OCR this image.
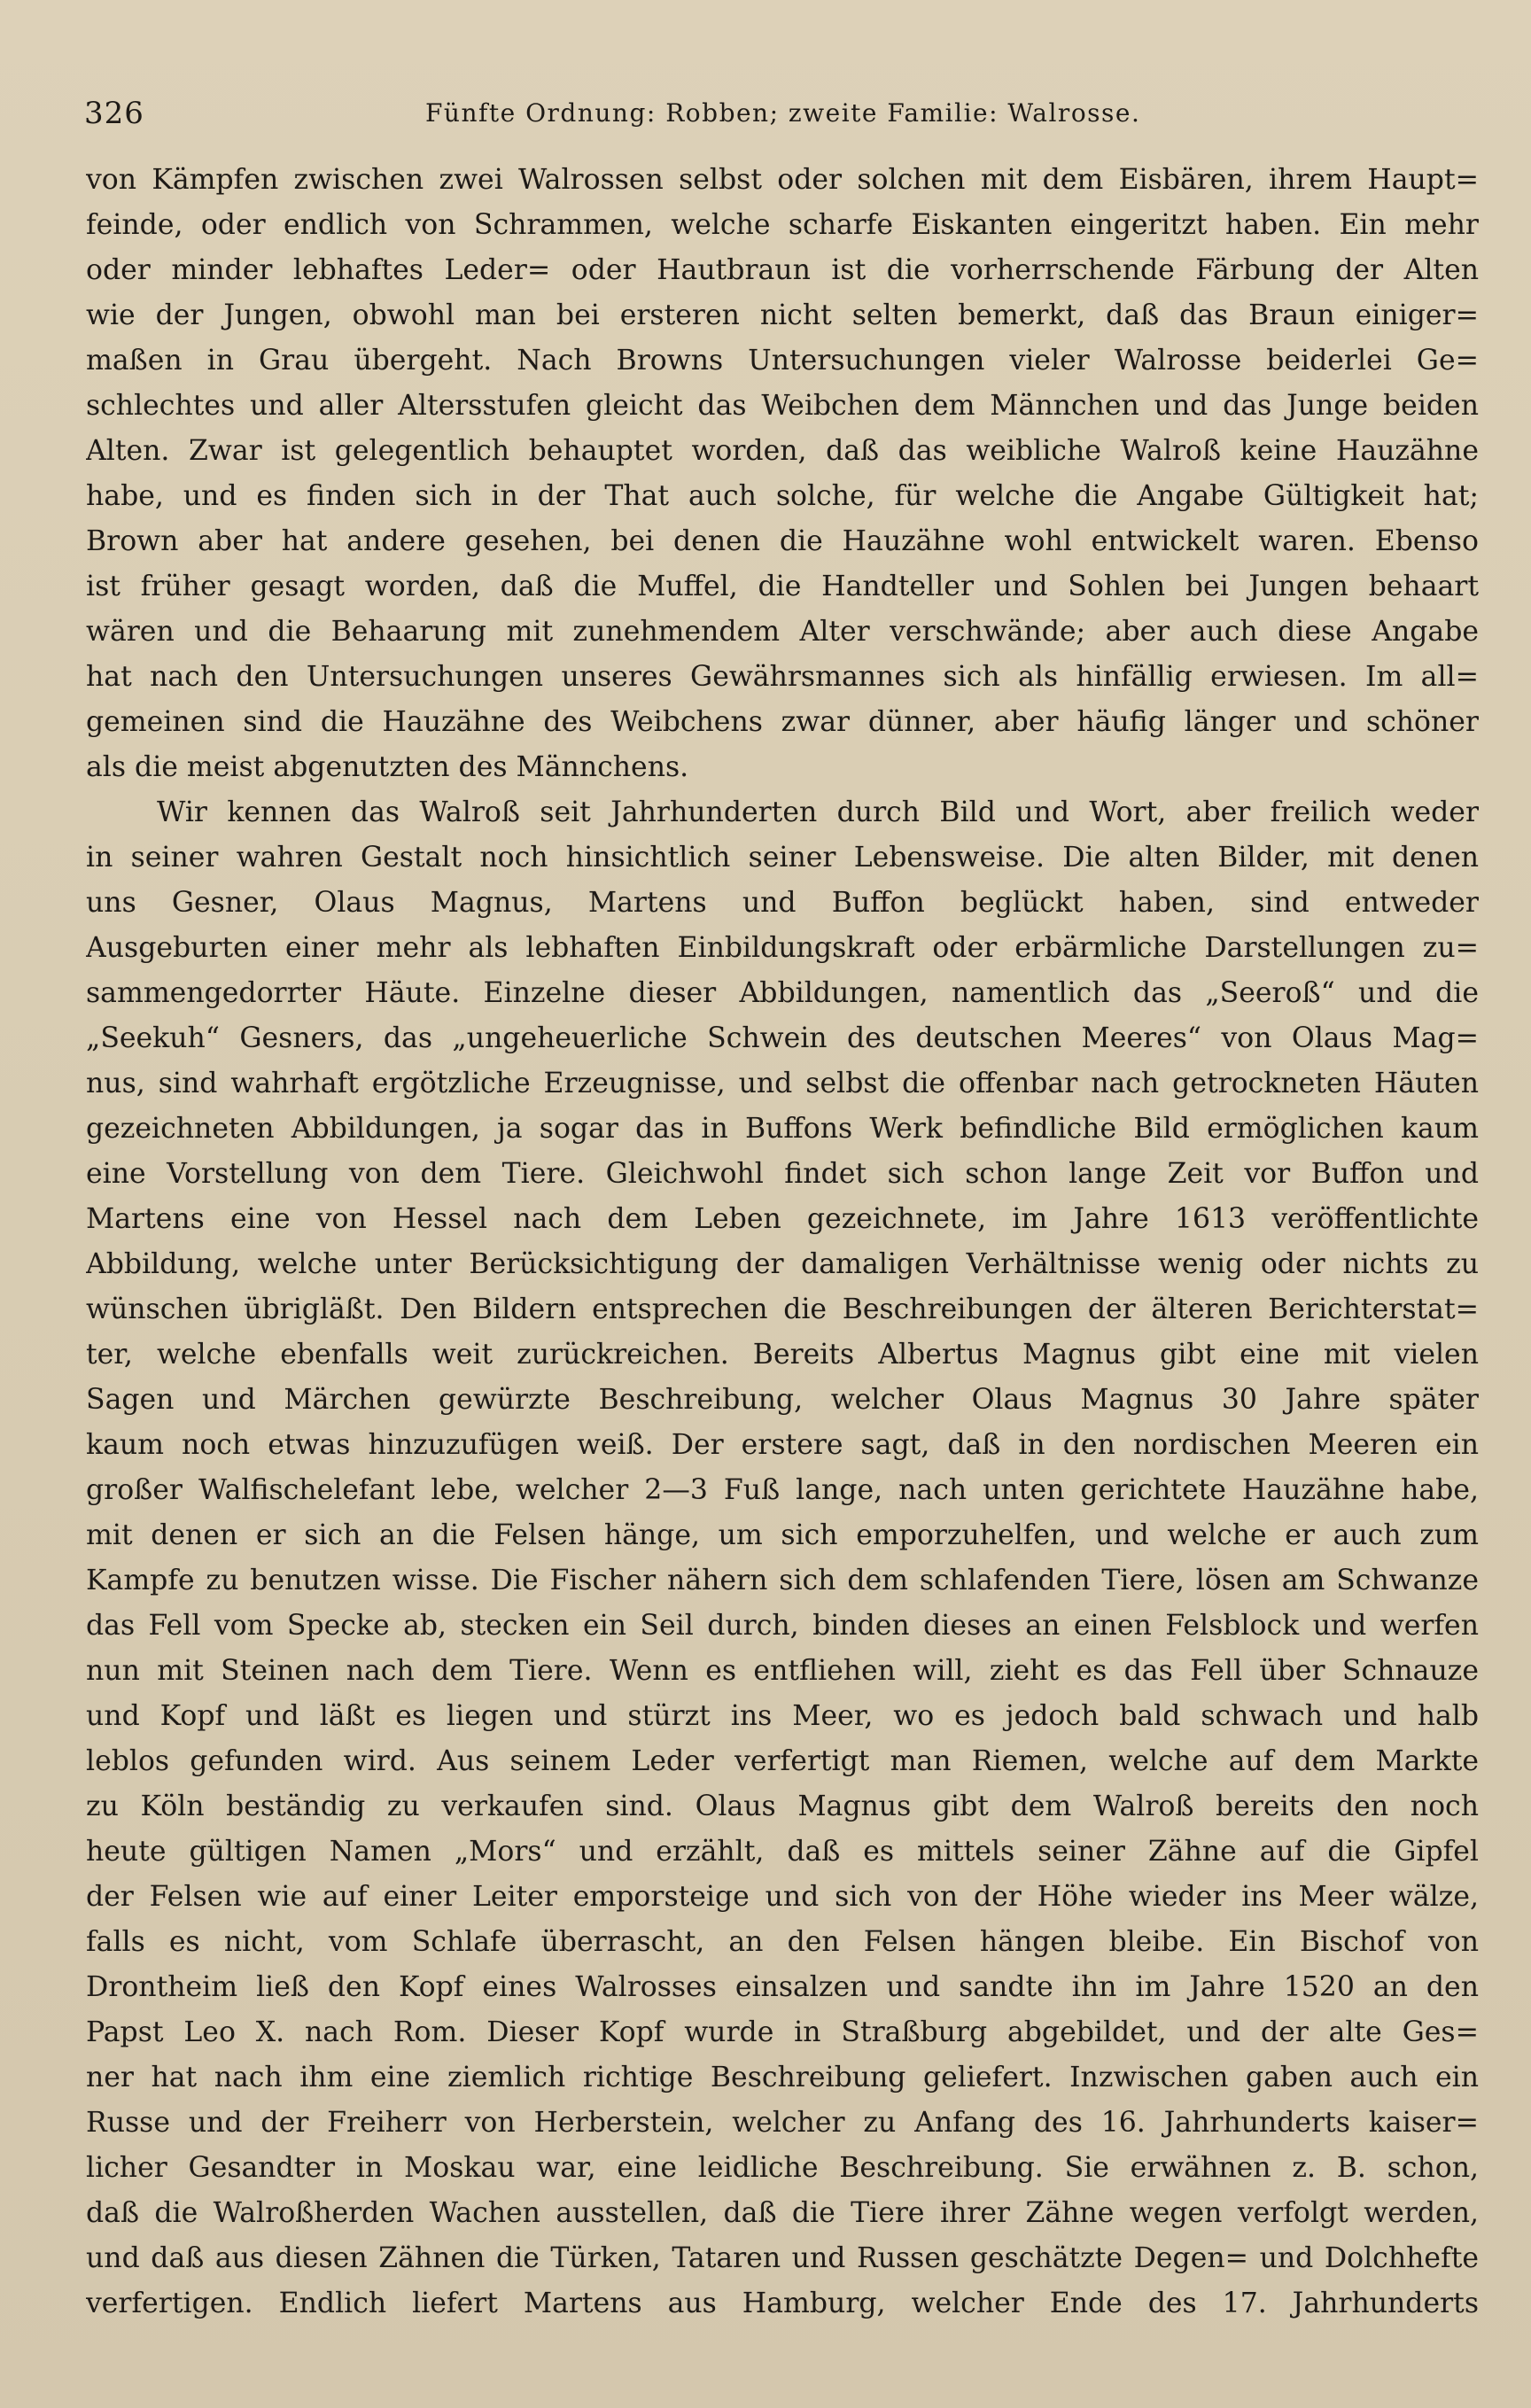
326	Fünfte Ordnung: Robben; zweite Familie: Walrosse.
von Kämpfen zwischen zwei Walrossen selbst oder solchen mit dem Eisbären, ihrem Haupt=
feinde, oder endlich von Schrammen, welche scharfe Eiskanten eingeritzt haben. Ein mehr
oder minder lebhaftes Leder= oder Hautbraun ist die vorherrschende Färbung der Alten
wie der Jungen, obwohl man bei ersteren nicht selten bemerkt, daß das Braun einiger=
maßen in Grau übergeht. Nach Browns Untersuchungen vieler Walrosse beiderlei Ge=
schlechtes und aller Altersstufen gleicht das Weibchen dem Männchen und das Junge beiden
Alten. Zwar ist gelegentlich behauptet worden, daß das weibliche Walroß keine Hauzähne
habe, und es finden sich in der That auch solche, für welche die Angabe Gültigkeit hat;
Brown aber hat andere gesehen, bei denen die Hauzähne wohl entwickelt waren. Ebenso
ist früher gesagt worden, daß die Muffel, die Handteller und Sohlen bei Jungen behaart
wären und die Behaarung mit zunehmendem Alter verschwände; aber auch diese Angabe
hat nach den Untersuchungen unseres Gewährsmannes sich als hinfällig erwiesen. Im all=
gemeinen sind die Hauzähne des Weibchens zwar dünner, aber häufig länger und schöner
als die meist abgenutzten des Männchens.
Wir kennen das Walroß seit Jahrhunderten durch Bild und Wort, aber freilich weder
in seiner wahren Gestalt noch hinsichtlich seiner Lebensweise. Die alten Bilder, mit denen
uns Gesner, Olaus Magnus, Martens und Buffon beglückt haben, sind entweder
Ausgeburten einer mehr als lebhaften Einbildungskraft oder erbärmliche Darstellungen zu=
sammengedorrter Häute. Einzelne dieser Abbildungen, namentlich das „Seeroß“ und die
„Seekuh“ Gesners, das „ungeheuerliche Schwein des deutschen Meeres“ von Olaus Mag=
nus, sind wahrhaft ergötzliche Erzeugnisse, und selbst die offenbar nach getrockneten Häuten
gezeichneten Abbildungen, ja sogar das in Buffons Werk befindliche Bild ermöglichen kaum
eine Vorstellung von dem Tiere. Gleichwohl findet sich schon lange Zeit vor Buffon und
Martens eine von Hessel nach dem Leben gezeichnete, im Jahre 1613 veröffentlichte
Abbildung, welche unter Berücksichtigung der damaligen Verhältnisse wenig oder nichts zu
wünschen übrigläßt. Den Bildern entsprechen die Beschreibungen der älteren Berichterstat=
ter, welche ebenfalls weit zurückreichen. Bereits Albertus Magnus gibt eine mit vielen
Sagen und Märchen gewürzte Beschreibung, welcher Olaus Magnus 30 Jahre später
kaum noch etwas hinzuzufügen weiß. Der erstere sagt, daß in den nordischen Meeren ein
großer Walfischelefant lebe, welcher 2—3 Fuß lange, nach unten gerichtete Hauzähne habe,
mit denen er sich an die Felsen hänge, um sich emporzuhelfen, und welche er auch zum
Kampfe zu benutzen wisse. Die Fischer nähern sich dem schlafenden Tiere, lösen am Schwanze
das Fell vom Specke ab, stecken ein Seil durch, binden dieses an einen Felsblock und werfen
nun mit Steinen nach dem Tiere. Wenn es entfliehen will, zieht es das Fell über Schnauze
und Kopf und läßt es liegen und stürzt ins Meer, wo es jedoch bald schwach und halb
leblos gefunden wird. Aus seinem Leder verfertigt man Riemen, welche auf dem Markte
zu Köln beständig zu verkaufen sind. Olaus Magnus gibt dem Walroß bereits den noch
heute gültigen Namen „Mors“ und erzählt, daß es mittels seiner Zähne auf die Gipfel
der Felsen wie auf einer Leiter emporsteige und sich von der Höhe wieder ins Meer wälze,
falls es nicht, vom Schlafe überrascht, an den Felsen hängen bleibe. Ein Bischof von
Drontheim ließ den Kopf eines Walrosses einsalzen und sandte ihn im Jahre 1520 an den
Papst Leo X. nach Rom. Dieser Kopf wurde in Straßburg abgebildet, und der alte Ges=
ner hat nach ihm eine ziemlich richtige Beschreibung geliefert. Inzwischen gaben auch ein
Russe und der Freiherr von Herberstein, welcher zu Anfang des 16. Jahrhunderts kaiser=
licher Gesandter in Moskau war, eine leidliche Beschreibung. Sie erwähnen z. B. schon,
daß die Walroßherden Wachen ausstellen, daß die Tiere ihrer Zähne wegen verfolgt werden,
und daß aus diesen Zähnen die Türken, Tataren und Russen geschätzte Degen= und Dolchhefte
verfertigen. Endlich liefert Martens aus Hamburg, welcher Ende des 17. Jahrhunderts
